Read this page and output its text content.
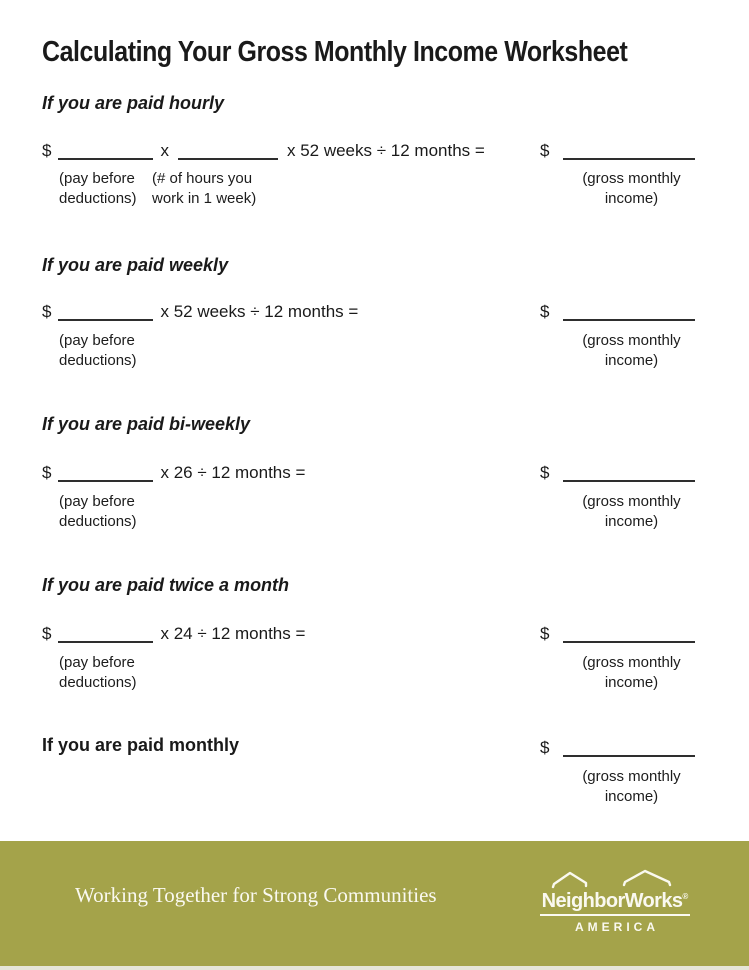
Calculating Your Gross Monthly Income Worksheet
If you are paid hourly
$	x	x 52 weeks ÷ 12 months =	$
(pay before
deductions)
(# of hours you
work in 1 week)
(gross monthly
income)
If you are paid weekly
$	x 52 weeks ÷ 12 months =	$
(pay before
deductions)
(gross monthly
income)
If you are paid bi-weekly
$	x 26 ÷ 12 months =	$
(pay before
deductions)
(gross monthly
income)
If you are paid twice a month
$	x 24 ÷ 12 months =	$
(pay before
deductions)
(gross monthly
income)
If you are paid monthly	$
(gross monthly
income)
Working Together for Strong Communities	NeighborWorks®
AMERICA
